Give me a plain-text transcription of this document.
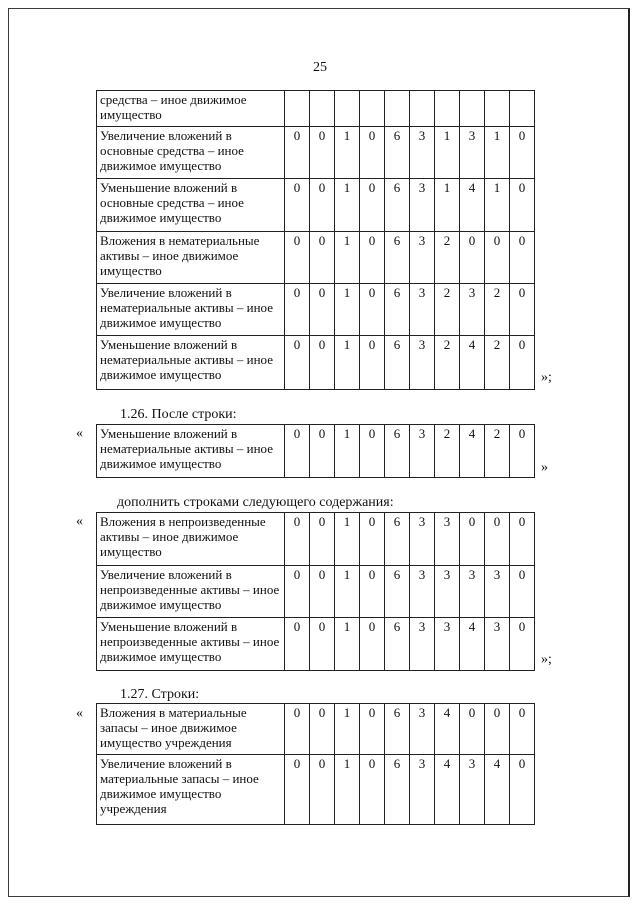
25
средства – иное движимое имущество										
Увеличение вложений в основные средства – иное движимое имущество	0	0	1	0	6	3	1	3	1	0
Уменьшение вложений в основные средства – иное движимое имущество	0	0	1	0	6	3	1	4	1	0
Вложения в нематериальные активы – иное движимое имущество	0	0	1	0	6	3	2	0	0	0
Увеличение вложений в нематериальные активы – иное движимое имущество	0	0	1	0	6	3	2	3	2	0
Уменьшение вложений в нематериальные активы – иное движимое имущество	0	0	1	0	6	3	2	4	2	0
»;
1.26. После строки:
« Уменьшение вложений в нематериальные активы – иное движимое имущество	0	0	1	0	6	3	2	4	2	0
»
дополнить строками следующего содержания:
« Вложения в непроизведенные активы – иное движимое имущество	0	0	1	0	6	3	3	0	0	0
Увеличение вложений в непроизведенные активы – иное движимое имущество	0	0	1	0	6	3	3	3	3	0
Уменьшение вложений в непроизведенные активы – иное движимое имущество	0	0	1	0	6	3	3	4	3	0
»;
1.27. Строки:
« Вложения в материальные запасы – иное движимое имущество учреждения	0	0	1	0	6	3	4	0	0	0
Увеличение вложений в материальные запасы – иное движимое имущество учреждения	0	0	1	0	6	3	4	3	4	0
